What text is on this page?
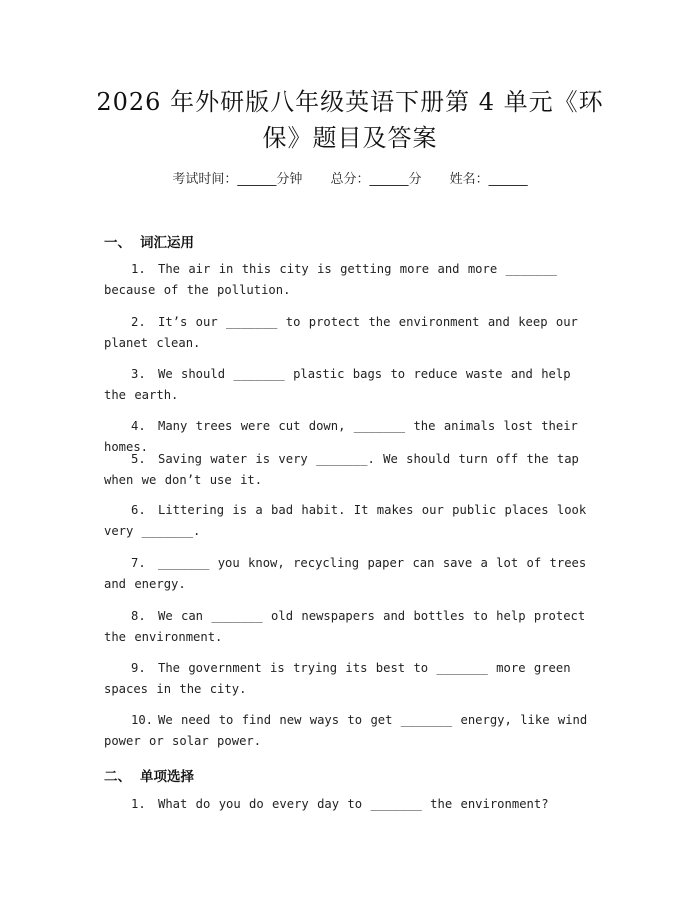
2026 年外研版八年级英语下册第 4 单元《环保》题目及答案
考试时间：______分钟 总分：______分 姓名：______
一、 词汇运用
1. The air in this city is getting more and more _______ because of the pollution.
2. It’s our _______ to protect the environment and keep our planet clean.
3. We should _______ plastic bags to reduce waste and help the earth.
4. Many trees were cut down, _______ the animals lost their homes.
5. Saving water is very _______. We should turn off the tap when we don’t use it.
6. Littering is a bad habit. It makes our public places look very _______.
7. _______ you know, recycling paper can save a lot of trees and energy.
8. We can _______ old newspapers and bottles to help protect the environment.
9. The government is trying its best to _______ more green spaces in the city.
10. We need to find new ways to get _______ energy, like wind power or solar power.
二、 单项选择
1. What do you do every day to _______ the environment?
